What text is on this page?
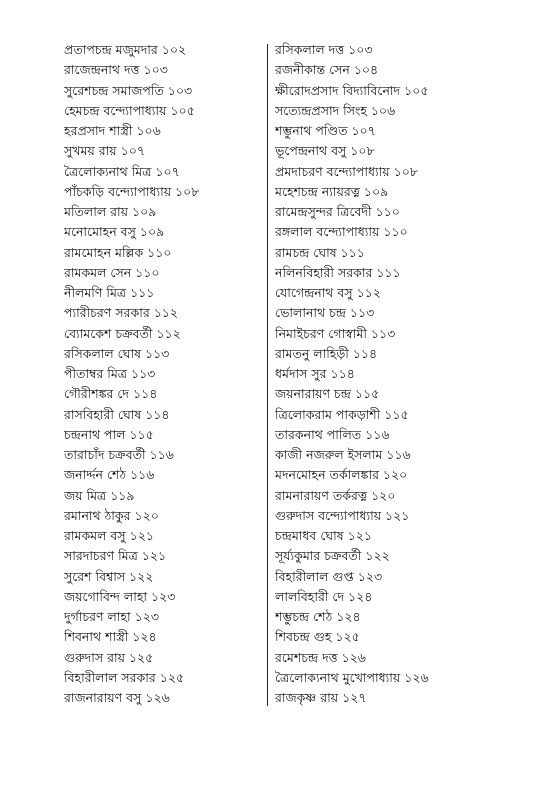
প্রতাপচন্দ্র মজুমদার ১০২
রাজেন্দ্রনাথ দত্ত ১০৩
সুরেশচন্দ্র সমাজপতি ১০৩
হেমচন্দ্র বন্দ্যোপাধ্যায় ১০৫
হরপ্রসাদ শাস্ত্রী ১০৬
সুখময় রায় ১০৭
ত্রৈলোক্যনাথ মিত্র ১০৭
পাঁচকড়ি বন্দ্যোপাধ্যায় ১০৮
মতিলাল রায় ১০৯
মনোমোহন বসু ১০৯
রামমোহন মল্লিক ১১০
রামকমল সেন ১১০
নীলমণি মিত্র ১১১
প্যারীচরণ সরকার ১১২
ব্যোমকেশ চক্রবর্তী ১১২
রসিকলাল ঘোষ ১১৩
পীতাম্বর মিত্র ১১৩
গৌরীশঙ্কর দে ১১৪
রাসবিহারী ঘোষ ১১৪
চন্দ্রনাথ পাল ১১৫
তারাচাঁদ চক্রবর্তী ১১৬
জনার্দ্দন শেঠ ১১৬
জয় মিত্র ১১৯
রমানাথ ঠাকুর ১২০
রামকমল বসু ১২১
সারদাচরণ মিত্র ১২১
সুরেশ বিশ্বাস ১২২
জয়গোবিন্দ লাহা ১২৩
দুর্গাচরণ লাহা ১২৩
শিবনাথ শাস্ত্রী ১২৪
গুরুদাস রায় ১২৫
বিহারীলাল সরকার ১২৫
রাজনারায়ণ বসু ১২৬
রসিকলাল দত্ত ১০৩
রজনীকান্ত সেন ১০৪
ক্ষীরোদপ্রসাদ বিদ্যাবিনোদ ১০৫
সত্যেন্দ্রপ্রসাদ সিংহ ১০৬
শম্ভুনাথ পণ্ডিত ১০৭
ভূপেন্দ্রনাথ বসু ১০৮
প্রমদাচরণ বন্দ্যোপাধ্যায় ১০৮
মহেশচন্দ্র ন্যায়রত্ন ১০৯
রামেন্দ্রসুন্দর ত্রিবেদী ১১০
রঙ্গলাল বন্দ্যোপাধ্যায় ১১০
রামচন্দ্র ঘোষ ১১১
নলিনবিহারী সরকার ১১১
যোগেন্দ্রনাথ বসু ১১২
ভোলানাথ চন্দ্র ১১৩
নিমাইচরণ গোস্বামী ১১৩
রামতনু লাহিড়ী ১১৪
ধর্মদাস সুর ১১৪
জয়নারায়ণ চন্দ্র ১১৫
ত্রিলোকরাম পাকড়াশী ১১৫
তারকনাথ পালিত ১১৬
কাজী নজরুল ইসলাম ১১৬
মদনমোহন তর্কালঙ্কার ১২০
রামনারায়ণ তর্করত্ন ১২০
গুরুদাস বন্দ্যোপাধ্যায় ১২১
চন্দ্রমাধব ঘোষ ১২১
সূর্য্যকুমার চক্রবর্তী ১২২
বিহারীলাল গুপ্ত ১২৩
লালবিহারী দে ১২৪
শম্ভুচন্দ্র শেঠ ১২৪
শিবচন্দ্র গুহ ১২৫
রমেশচন্দ্র দত্ত ১২৬
ত্রৈলোক্যনাথ মুখোপাধ্যায় ১২৬
রাজকৃষ্ণ রায় ১২৭
